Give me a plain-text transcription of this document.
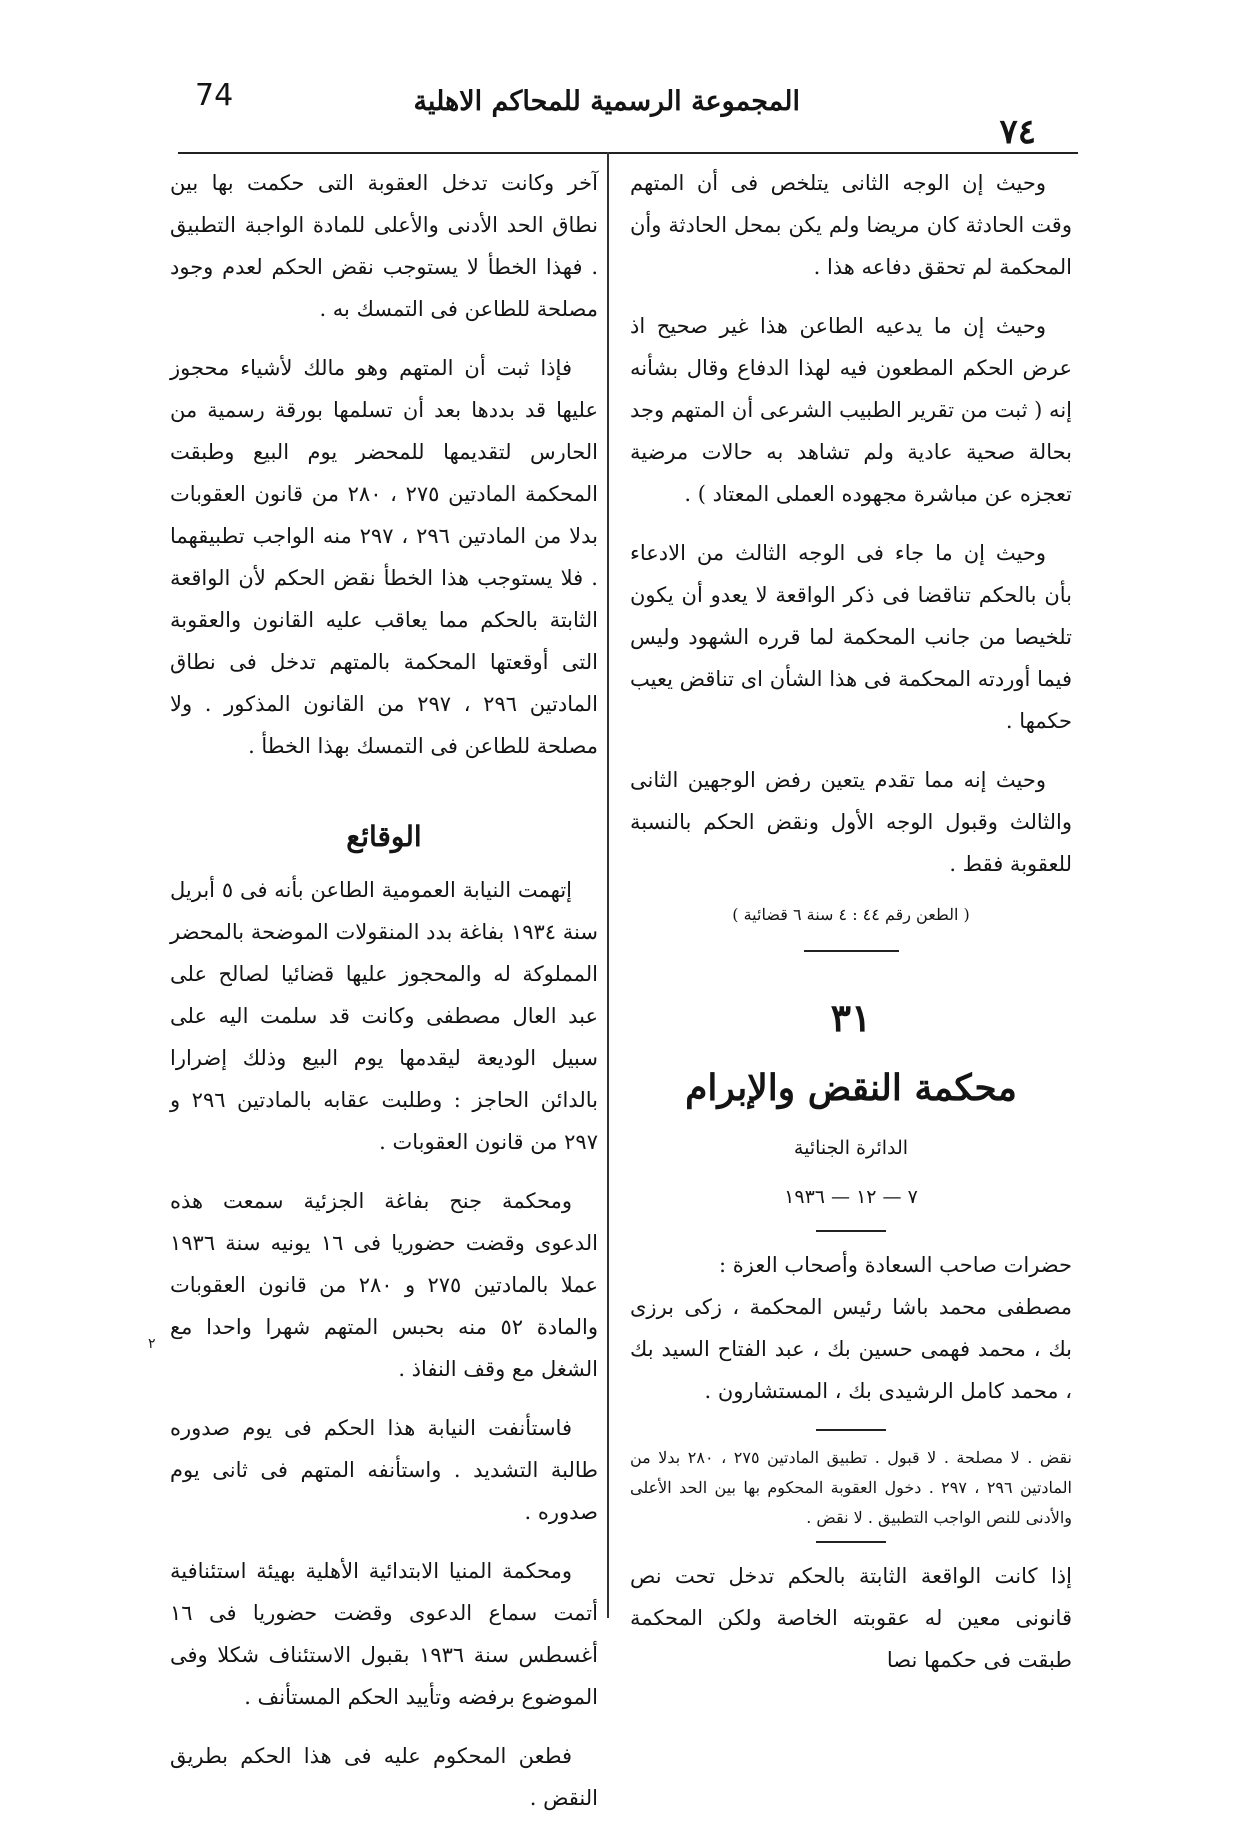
٧٤
المجموعة الرسمية للمحاكم الاهلية
74
٢

وحيث إن الوجه الثانى يتلخص فى أن المتهم وقت الحادثة كان مريضا ولم يكن بمحل الحادثة وأن المحكمة لم تحقق دفاعه هذا .

وحيث إن ما يدعيه الطاعن هذا غير صحيح اذ عرض الحكم المطعون فيه لهذا الدفاع وقال بشأنه إنه ( ثبت من تقرير الطبيب الشرعى أن المتهم وجد بحالة صحية عادية ولم تشاهد به حالات مرضية تعجزه عن مباشرة مجهوده العملى المعتاد ) .

وحيث إن ما جاء فى الوجه الثالث من الادعاء بأن بالحكم تناقضا فى ذكر الواقعة لا يعدو أن يكون تلخيصا من جانب المحكمة لما قرره الشهود وليس فيما أوردته المحكمة فى هذا الشأن اى تناقض يعيب حكمها .

وحيث إنه مما تقدم يتعين رفض الوجهين الثانى والثالث وقبول الوجه الأول ونقض الحكم بالنسبة للعقوبة فقط .

( الطعن رقم ٤٤ : ٤ سنة ٦ قضائية )

٣١

محكمة النقض والإبرام

الدائرة الجنائية

٧ — ١٢ — ١٩٣٦

حضرات صاحب السعادة وأصحاب العزة :

مصطفى محمد باشا رئيس المحكمة ، زكى برزى بك ، محمد فهمى حسين بك ، عبد الفتاح السيد بك ، محمد كامل الرشيدى بك ، المستشارون .

نقض . لا مصلحة . لا قبول . تطبيق المادتين ٢٧٥ ، ٢٨٠ بدلا من المادتين ٢٩٦ ، ٢٩٧ . دخول العقوبة المحكوم بها بين الحد الأعلى والأدنى للنص الواجب التطبيق . لا نقض .

إذا كانت الواقعة الثابتة بالحكم تدخل تحت نص قانونى معين له عقوبته الخاصة ولكن المحكمة طبقت فى حكمها نصا

آخر وكانت تدخل العقوبة التى حكمت بها بين نطاق الحد الأدنى والأعلى للمادة الواجبة التطبيق . فهذا الخطأ لا يستوجب نقض الحكم لعدم وجود مصلحة للطاعن فى التمسك به .

فإذا ثبت أن المتهم وهو مالك لأشياء محجوز عليها قد بددها بعد أن تسلمها بورقة رسمية من الحارس لتقديمها للمحضر يوم البيع وطبقت المحكمة المادتين ٢٧٥ ، ٢٨٠ من قانون العقوبات بدلا من المادتين ٢٩٦ ، ٢٩٧ منه الواجب تطبيقهما . فلا يستوجب هذا الخطأ نقض الحكم لأن الواقعة الثابتة بالحكم مما يعاقب عليه القانون والعقوبة التى أوقعتها المحكمة بالمتهم تدخل فى نطاق المادتين ٢٩٦ ، ٢٩٧ من القانون المذكور . ولا مصلحة للطاعن فى التمسك بهذا الخطأ .

الوقائع

إتهمت النيابة العمومية الطاعن بأنه فى ٥ أبريل سنة ١٩٣٤ بفاغة بدد المنقولات الموضحة بالمحضر المملوكة له والمحجوز عليها قضائيا لصالح على عبد العال مصطفى وكانت قد سلمت اليه على سبيل الوديعة ليقدمها يوم البيع وذلك إضرارا بالدائن الحاجز : وطلبت عقابه بالمادتين ٢٩٦ و ٢٩٧ من قانون العقوبات .

ومحكمة جنح بفاغة الجزئية سمعت هذه الدعوى وقضت حضوريا فى ١٦ يونيه سنة ١٩٣٦ عملا بالمادتين ٢٧٥ و ٢٨٠ من قانون العقوبات والمادة ٥٢ منه بحبس المتهم شهرا واحدا مع الشغل مع وقف النفاذ .

فاستأنفت النيابة هذا الحكم فى يوم صدوره طالبة التشديد . واستأنفه المتهم فى ثانى يوم صدوره .

ومحكمة المنيا الابتدائية الأهلية بهيئة استئنافية أتمت سماع الدعوى وقضت حضوريا فى ١٦ أغسطس سنة ١٩٣٦ بقبول الاستئناف شكلا وفى الموضوع برفضه وتأييد الحكم المستأنف .

فطعن المحكوم عليه فى هذا الحكم بطريق النقض .
